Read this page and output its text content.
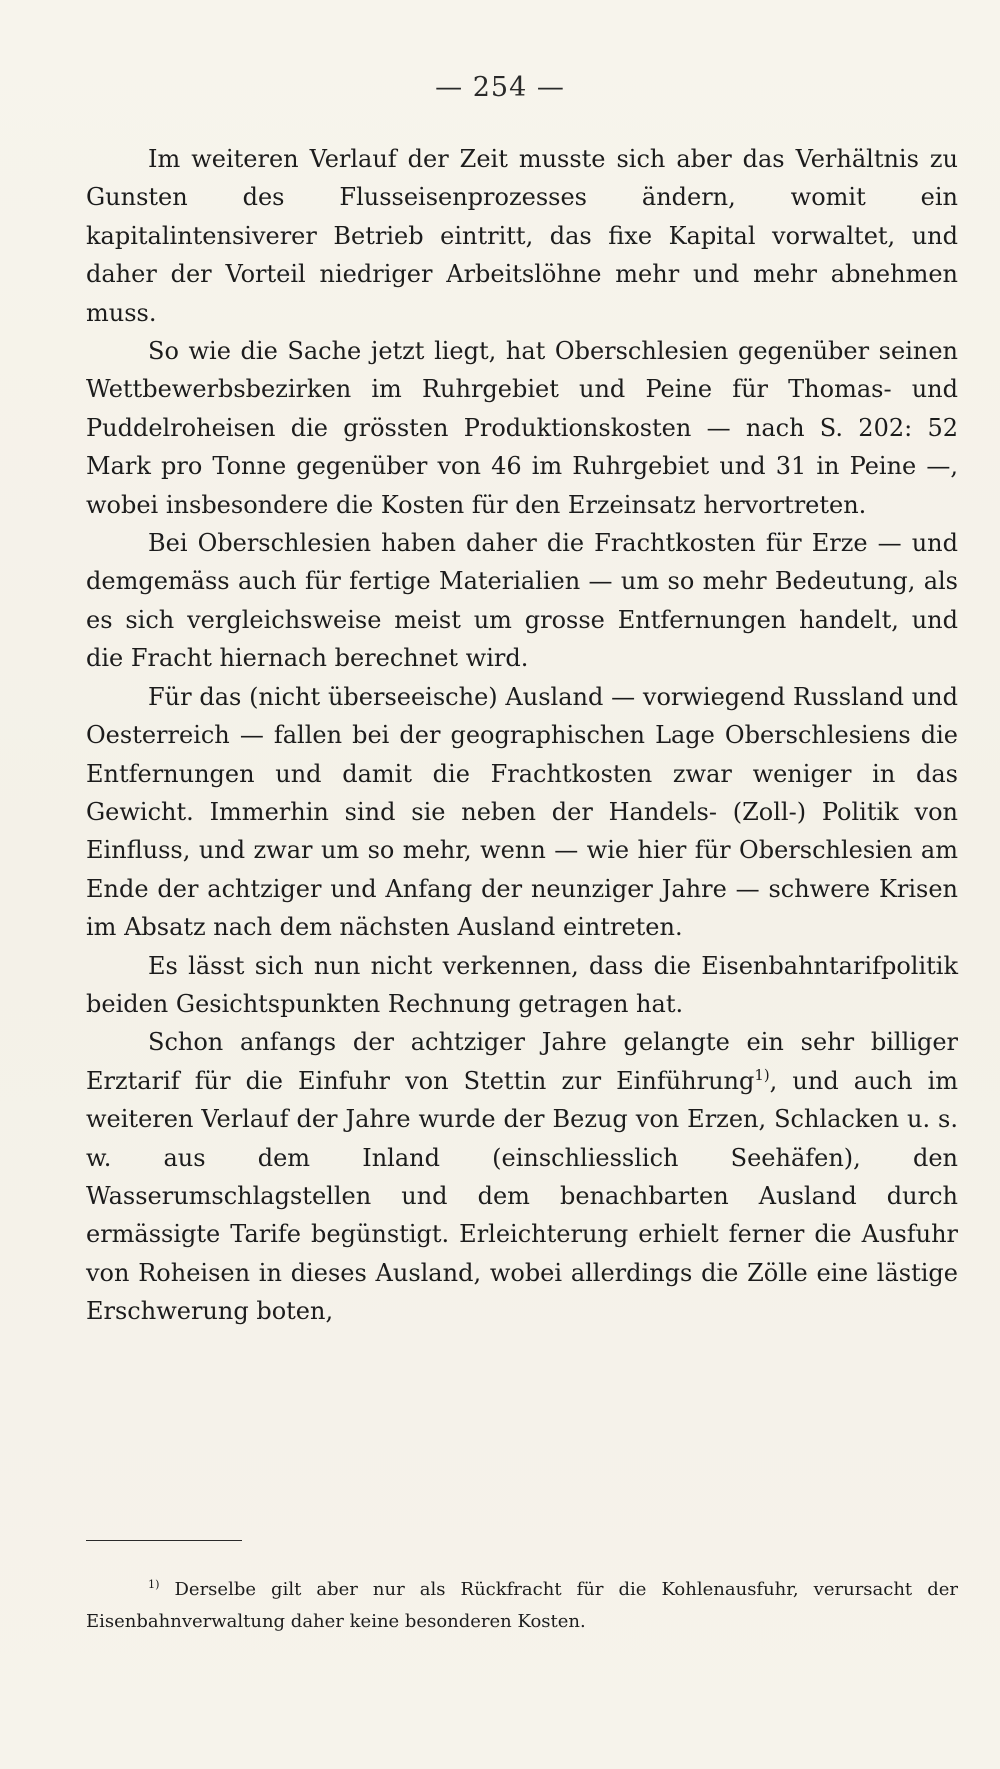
— 254 —

Im weiteren Verlauf der Zeit musste sich aber das Verhältnis zu Gunsten des Flusseisenprozesses ändern, womit ein kapitalintensiverer Betrieb eintritt, das fixe Kapital vorwaltet, und daher der Vorteil niedriger Arbeitslöhne mehr und mehr abnehmen muss.

So wie die Sache jetzt liegt, hat Oberschlesien gegenüber seinen Wettbewerbsbezirken im Ruhrgebiet und Peine für Thomas- und Puddelroheisen die grössten Produktionskosten — nach S. 202: 52 Mark pro Tonne gegenüber von 46 im Ruhrgebiet und 31 in Peine —, wobei insbesondere die Kosten für den Erzeinsatz hervortreten.

Bei Oberschlesien haben daher die Frachtkosten für Erze — und demgemäss auch für fertige Materialien — um so mehr Bedeutung, als es sich vergleichsweise meist um grosse Entfernungen handelt, und die Fracht hiernach berechnet wird.

Für das (nicht überseeische) Ausland — vorwiegend Russland und Oesterreich — fallen bei der geographischen Lage Oberschlesiens die Entfernungen und damit die Frachtkosten zwar weniger in das Gewicht. Immerhin sind sie neben der Handels- (Zoll-) Politik von Einfluss, und zwar um so mehr, wenn — wie hier für Oberschlesien am Ende der achtziger und Anfang der neunziger Jahre — schwere Krisen im Absatz nach dem nächsten Ausland eintreten.

Es lässt sich nun nicht verkennen, dass die Eisenbahntarifpolitik beiden Gesichtspunkten Rechnung getragen hat.

Schon anfangs der achtziger Jahre gelangte ein sehr billiger Erztarif für die Einfuhr von Stettin zur Einführung$^{1)}$, und auch im weiteren Verlauf der Jahre wurde der Bezug von Erzen, Schlacken u. s. w. aus dem Inland (einschliesslich Seehäfen), den Wasserumschlagstellen und dem benachbarten Ausland durch ermässigte Tarife begünstigt. Erleichterung erhielt ferner die Ausfuhr von Roheisen in dieses Ausland, wobei allerdings die Zölle eine lästige Erschwerung boten,

$^{1)}$ Derselbe gilt aber nur als Rückfracht für die Kohlenausfuhr, verursacht der Eisenbahnverwaltung daher keine besonderen Kosten.
